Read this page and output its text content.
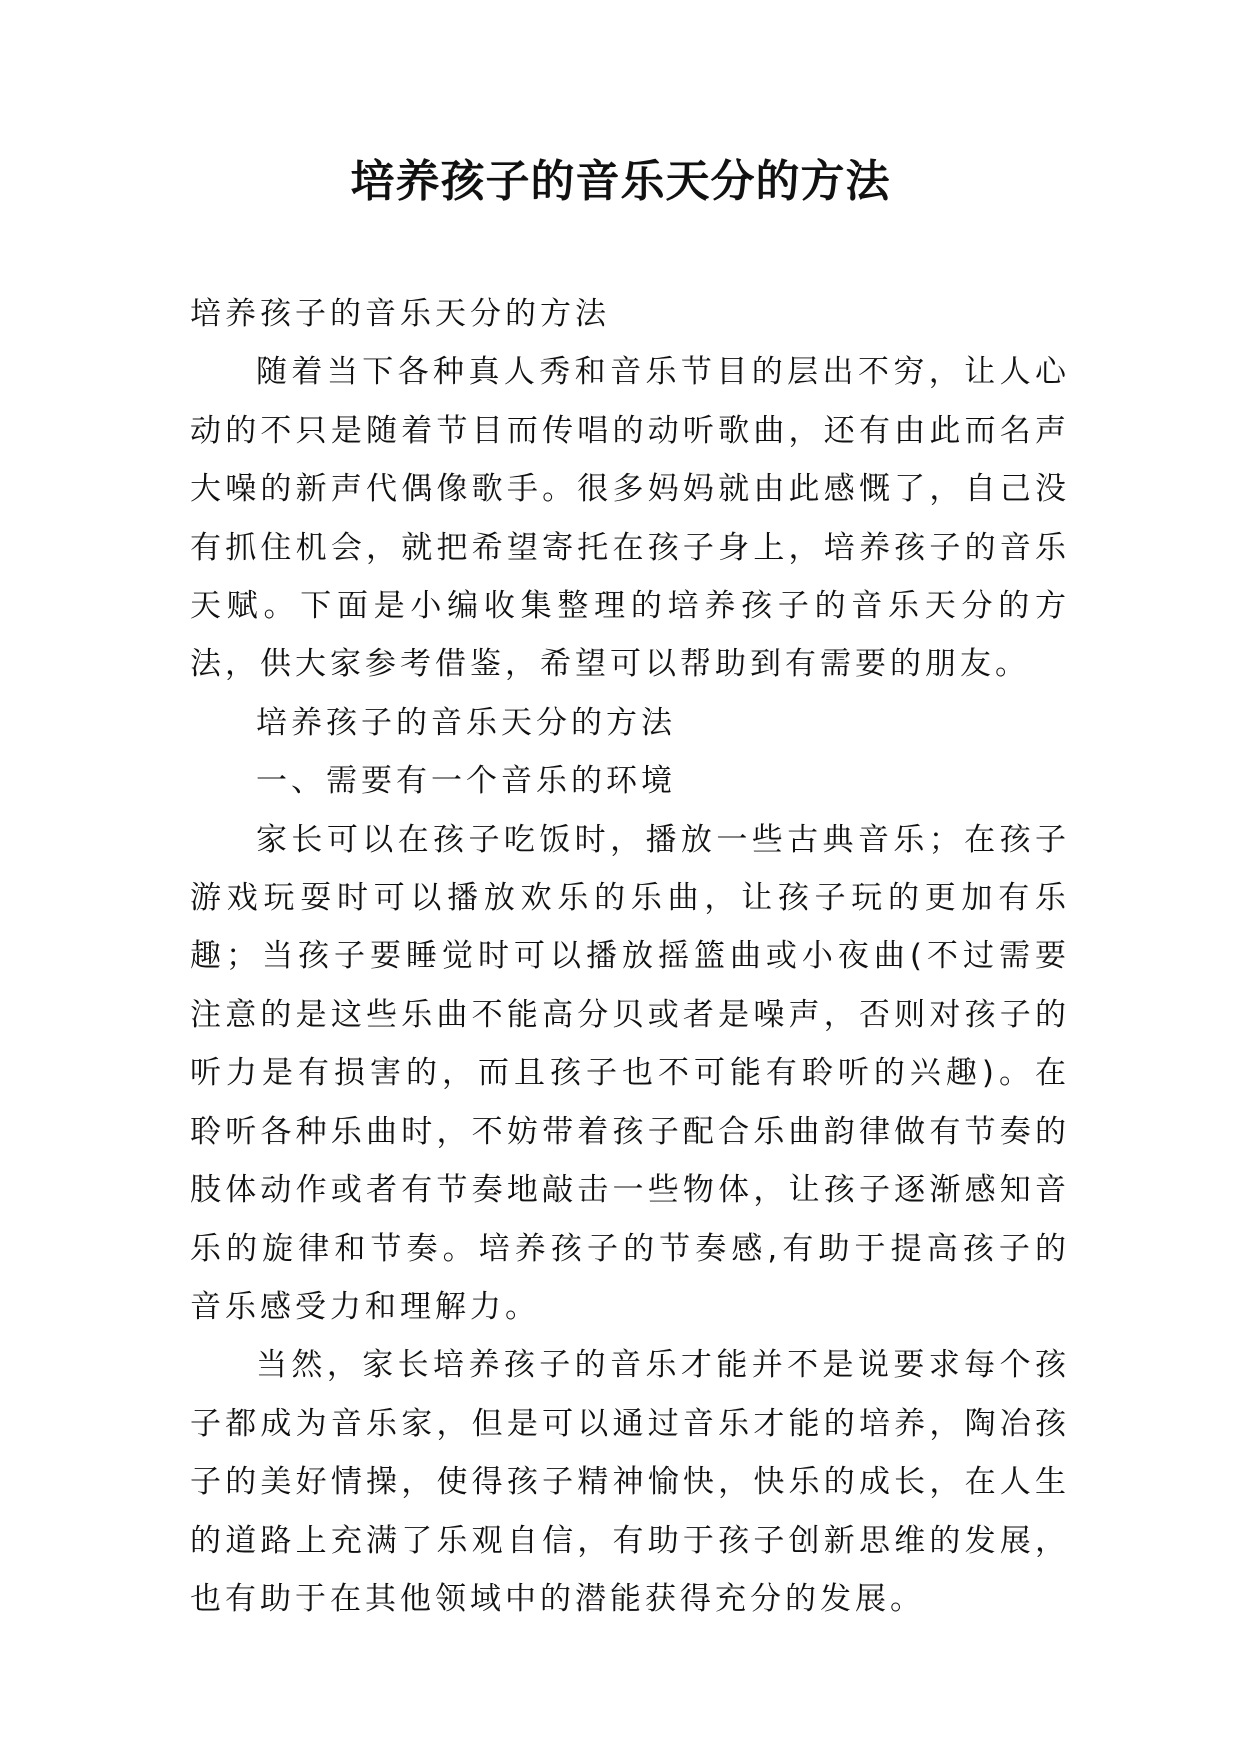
培养孩子的音乐天分的方法

培养孩子的音乐天分的方法

随着当下各种真人秀和音乐节目的层出不穷，让人心动的不只是随着节目而传唱的动听歌曲，还有由此而名声大噪的新声代偶像歌手。很多妈妈就由此感慨了，自己没有抓住机会，就把希望寄托在孩子身上，培养孩子的音乐天赋。下面是小编收集整理的培养孩子的音乐天分的方法，供大家参考借鉴，希望可以帮助到有需要的朋友。

培养孩子的音乐天分的方法

一、需要有一个音乐的环境

家长可以在孩子吃饭时，播放一些古典音乐；在孩子游戏玩耍时可以播放欢乐的乐曲，让孩子玩的更加有乐趣；当孩子要睡觉时可以播放摇篮曲或小夜曲(不过需要注意的是这些乐曲不能高分贝或者是噪声，否则对孩子的听力是有损害的，而且孩子也不可能有聆听的兴趣)。在聆听各种乐曲时，不妨带着孩子配合乐曲韵律做有节奏的肢体动作或者有节奏地敲击一些物体，让孩子逐渐感知音乐的旋律和节奏。培养孩子的节奏感,有助于提高孩子的音乐感受力和理解力。

当然，家长培养孩子的音乐才能并不是说要求每个孩子都成为音乐家，但是可以通过音乐才能的培养，陶冶孩子的美好情操，使得孩子精神愉快，快乐的成长，在人生的道路上充满了乐观自信，有助于孩子创新思维的发展，也有助于在其他领域中的潜能获得充分的发展。
